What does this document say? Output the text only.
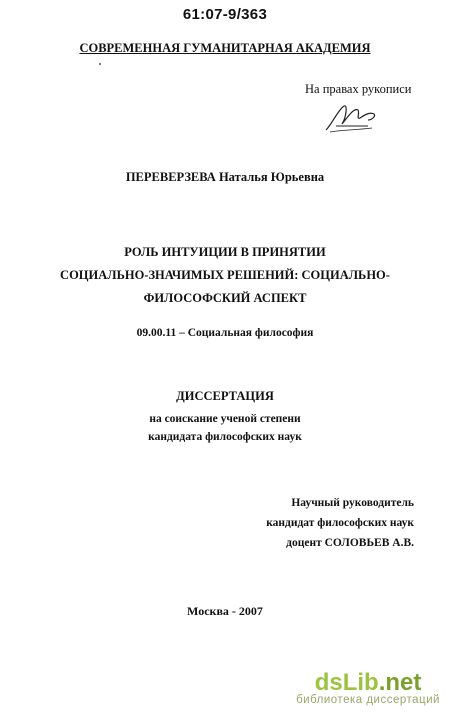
61:07-9/363
СОВРЕМЕННАЯ ГУМАНИТАРНАЯ АКАДЕМИЯ
На правах рукописи
ПЕРЕВЕРЗЕВА Наталья Юрьевна
РОЛЬ ИНТУИЦИИ В ПРИНЯТИИ
СОЦИАЛЬНО-ЗНАЧИМЫХ РЕШЕНИЙ: СОЦИАЛЬНО-
ФИЛОСОФСКИЙ АСПЕКТ
09.00.11 – Социальная философия
ДИССЕРТАЦИЯ
на соискание ученой степени
кандидата философских наук
Научный руководитель
кандидат философских наук
доцент СОЛОВЬЕВ А.В.
Москва - 2007
dsLib.net
библиотека диссертаций
